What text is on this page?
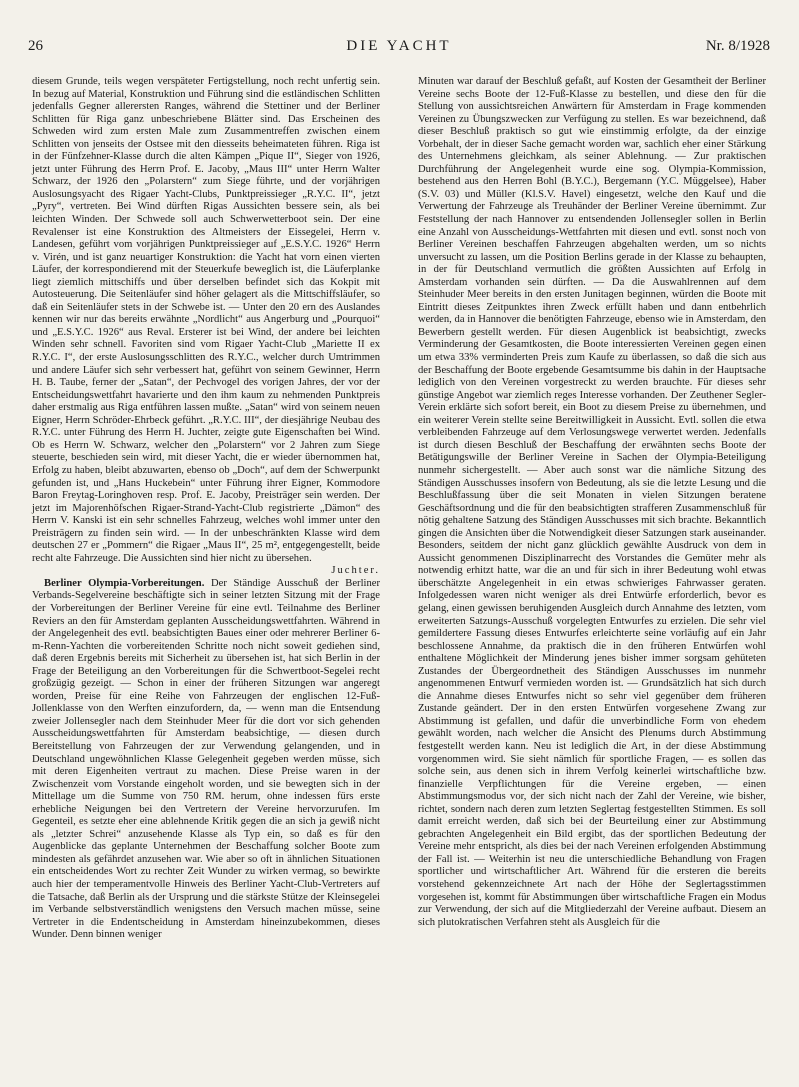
26	DIE YACHT	Nr. 8/1928

diesem Grunde, teils wegen verspäteter Fertigstellung, noch recht unfertig sein. In bezug auf Material, Konstruktion und Führung sind die estländischen Schlitten jedenfalls Gegner allerersten Ranges, während die Stettiner und der Berliner Schlitten für Riga ganz unbeschriebene Blätter sind. Das Erscheinen des Schweden wird zum ersten Male zum Zusammentreffen zwischen einem Schlitten von jenseits der Ostsee mit den diesseits beheimateten führen. Riga ist in der Fünfzehner-Klasse durch die alten Kämpen „Pique II“, Sieger von 1926, jetzt unter Führung des Herrn Prof. E. Jacoby, „Maus III“ unter Herrn Walter Schwarz, der 1926 den „Polarstern“ zum Siege führte, und der vorjährigen Auslosungsyacht des Rigaer Yacht-Clubs, Punktpreissieger „R.Y.C. II“, jetzt „Pyry“, vertreten. Bei Wind dürften Rigas Aussichten bessere sein, als bei leichten Winden. Der Schwede soll auch Schwerwetterboot sein. Der eine Revalenser ist eine Konstruktion des Altmeisters der Eissegelei, Herrn v. Landesen, geführt vom vorjährigen Punktpreissieger auf „E.S.Y.C. 1926“ Herrn v. Virén, und ist ganz neuartiger Konstruktion: die Yacht hat vorn einen vierten Läufer, der korrespondierend mit der Steuerkufe beweglich ist, die Läuferplanke liegt ziemlich mittschiffs und über derselben befindet sich das Kokpit mit Autosteuerung. Die Seitenläufer sind höher gelagert als die Mittschiffsläufer, so daß ein Seitenläufer stets in der Schwebe ist. — Unter den 20 ern des Auslandes kennen wir nur das bereits erwähnte „Nordlicht“ aus Angerburg und „Pourquoi“ und „E.S.Y.C. 1926“ aus Reval. Ersterer ist bei Wind, der andere bei leichten Winden sehr schnell. Favoriten sind vom Rigaer Yacht-Club „Mariette II ex R.Y.C. I“, der erste Auslosungsschlitten des R.Y.C., welcher durch Umtrimmen und andere Läufer sich sehr verbessert hat, geführt von seinem Gewinner, Herrn H. B. Taube, ferner der „Satan“, der Pechvogel des vorigen Jahres, der vor der Entscheidungswettfahrt havarierte und den ihm kaum zu nehmenden Punktpreis daher erstmalig aus Riga entführen lassen mußte. „Satan“ wird von seinem neuen Eigner, Herrn Schröder-Ehrbeck geführt. „R.Y.C. III“, der diesjährige Neubau des R.Y.C. unter Führung des Herrn H. Juchter, zeigte gute Eigenschaften bei Wind. Ob es Herrn W. Schwarz, welcher den „Polarstern“ vor 2 Jahren zum Siege steuerte, beschieden sein wird, mit dieser Yacht, die er wieder übernommen hat, Erfolg zu haben, bleibt abzuwarten, ebenso ob „Doch“, auf dem der Schwerpunkt gefunden ist, und „Hans Huckebein“ unter Führung ihrer Eigner, Kommodore Baron Freytag-Loringhoven resp. Prof. E. Jacoby, Preisträger sein werden. Der jetzt im Majorenhöfschen Rigaer-Strand-Yacht-Club registrierte „Dämon“ des Herrn V. Kanski ist ein sehr schnelles Fahrzeug, welches wohl immer unter den Preisträgern zu finden sein wird. — In der unbeschränkten Klasse wird dem deutschen 27 er „Pommern“ die Rigaer „Maus II“, 25 m², entgegengestellt, beide recht alte Fahrzeuge. Die Aussichten sind hier nicht zu übersehen.
Juchter.

Berliner Olympia-Vorbereitungen. Der Ständige Ausschuß der Berliner Verbands-Segelvereine beschäftigte sich in seiner letzten Sitzung mit der Frage der Vorbereitungen der Berliner Vereine für eine evtl. Teilnahme des Berliner Reviers an den für Amsterdam geplanten Ausscheidungswettfahrten. Während in der Angelegenheit des evtl. beabsichtigten Baues einer oder mehrerer Berliner 6-m-Renn-Yachten die vorbereitenden Schritte noch nicht soweit gediehen sind, daß deren Ergebnis bereits mit Sicherheit zu übersehen ist, hat sich Berlin in der Frage der Beteiligung an den Vorbereitungen für die Schwertboot-Segelei recht großzügig gezeigt. — Schon in einer der früheren Sitzungen war angeregt worden, Preise für eine Reihe von Fahrzeugen der englischen 12-Fuß-Jollenklasse von den Werften einzufordern, da, — wenn man die Entsendung zweier Jollensegler nach dem Steinhuder Meer für die dort vor sich gehenden Ausscheidungswettfahrten für Amsterdam beabsichtige, — diesen durch Bereitstellung von Fahrzeugen der zur Verwendung gelangenden, und in Deutschland ungewöhnlichen Klasse Gelegenheit gegeben werden müsse, sich mit deren Eigenheiten vertraut zu machen. Diese Preise waren in der Zwischenzeit vom Vorstande eingeholt worden, und sie bewegten sich in der Mittellage um die Summe von 750 RM. herum, ohne indessen fürs erste erhebliche Neigungen bei den Vertretern der Vereine hervorzurufen. Im Gegenteil, es setzte eher eine ablehnende Kritik gegen die an sich ja gewiß nicht als „letzter Schrei“ anzusehende Klasse als Typ ein, so daß es für den Augenblicke das geplante Unternehmen der Beschaffung solcher Boote zum mindesten als gefährdet anzusehen war. Wie aber so oft in ähnlichen Situationen ein entscheidendes Wort zu rechter Zeit Wunder zu wirken vermag, so bewirkte auch hier der temperamentvolle Hinweis des Berliner Yacht-Club-Vertreters auf die Tatsache, daß Berlin als der Ursprung und die stärkste Stütze der Kleinsegelei im Verbande selbstverständlich wenigstens den Versuch machen müsse, seine Vertreter in die Endentscheidung in Amsterdam hineinzubekommen, dieses Wunder. Denn binnen weniger

Minuten war darauf der Beschluß gefaßt, auf Kosten der Gesamtheit der Berliner Vereine sechs Boote der 12-Fuß-Klasse zu bestellen, und diese den für die Stellung von aussichtsreichen Anwärtern für Amsterdam in Frage kommenden Vereinen zu Übungszwecken zur Verfügung zu stellen. Es war bezeichnend, daß dieser Beschluß praktisch so gut wie einstimmig erfolgte, da der einzige Vorbehalt, der in dieser Sache gemacht worden war, sachlich eher einer Stärkung des Unternehmens gleichkam, als seiner Ablehnung. — Zur praktischen Durchführung der Angelegenheit wurde eine sog. Olympia-Kommission, bestehend aus den Herren Bohl (B.Y.C.), Bergemann (Y.C. Müggelsee), Haber (S.V. 03) und Müller (Kl.S.V. Havel) eingesetzt, welche den Kauf und die Verwertung der Fahrzeuge als Treuhänder der Berliner Vereine übernimmt. Zur Feststellung der nach Hannover zu entsendenden Jollensegler sollen in Berlin eine Anzahl von Ausscheidungs-Wettfahrten mit diesen und evtl. sonst noch von Berliner Vereinen beschaffen Fahrzeugen abgehalten werden, um so nichts unversucht zu lassen, um die Position Berlins gerade in der Klasse zu behaupten, in der für Deutschland vermutlich die größten Aussichten auf Erfolg in Amsterdam vorhanden sein dürften. — Da die Auswahlrennen auf dem Steinhuder Meer bereits in den ersten Junitagen beginnen, würden die Boote mit Eintritt dieses Zeitpunktes ihren Zweck erfüllt haben und dann entbehrlich werden, da in Hannover die benötigten Fahrzeuge, ebenso wie in Amsterdam, den Bewerbern gestellt werden. Für diesen Augenblick ist beabsichtigt, zwecks Verminderung der Gesamtkosten, die Boote interessierten Vereinen gegen einen um etwa 33% verminderten Preis zum Kaufe zu überlassen, so daß die sich aus der Beschaffung der Boote ergebende Gesamtsumme bis dahin in der Hauptsache lediglich von den Vereinen vorgestreckt zu werden brauchte. Für dieses sehr günstige Angebot war ziemlich reges Interesse vorhanden. Der Zeuthener Segler-Verein erklärte sich sofort bereit, ein Boot zu diesem Preise zu übernehmen, und ein weiterer Verein stellte seine Bereitwilligkeit in Aussicht. Evtl. sollen die etwa verbleibenden Fahrzeuge auf dem Verlosungswege verwertet werden. Jedenfalls ist durch diesen Beschluß der Beschaffung der erwähnten sechs Boote der Betätigungswille der Berliner Vereine in Sachen der Olympia-Beteiligung nunmehr sichergestellt. — Aber auch sonst war die nämliche Sitzung des Ständigen Ausschusses insofern von Bedeutung, als sie die letzte Lesung und die Beschlußfassung über die seit Monaten in vielen Sitzungen beratene Geschäftsordnung und die für den beabsichtigten strafferen Zusammenschluß für nötig gehaltene Satzung des Ständigen Ausschusses mit sich brachte. Bekanntlich gingen die Ansichten über die Notwendigkeit dieser Satzungen stark auseinander. Besonders, seitdem der nicht ganz glücklich gewählte Ausdruck von dem in Aussicht genommenen Disziplinarrecht des Vorstandes die Gemüter mehr als notwendig erhitzt hatte, war die an und für sich in ihrer Bedeutung wohl etwas überschätzte Angelegenheit in ein etwas schwieriges Fahrwasser geraten. Infolgedessen waren nicht weniger als drei Entwürfe erforderlich, bevor es gelang, einen gewissen beruhigenden Ausgleich durch Annahme des letzten, vom erweiterten Satzungs-Ausschuß vorgelegten Entwurfes zu erzielen. Die sehr viel gemildertere Fassung dieses Entwurfes erleichterte seine vorläufig auf ein Jahr beschlossene Annahme, da praktisch die in den früheren Entwürfen wohl enthaltene Möglichkeit der Minderung jenes bisher immer sorgsam gehüteten Zustandes der Übergeordnetheit des Ständigen Ausschusses im nunmehr angenommenen Entwurf vermieden worden ist. — Grundsätzlich hat sich durch die Annahme dieses Entwurfes nicht so sehr viel gegenüber dem früheren Zustande geändert. Der in den ersten Entwürfen vorgesehene Zwang zur Abstimmung ist gefallen, und dafür die unverbindliche Form von ehedem gewählt worden, nach welcher die Ansicht des Plenums durch Abstimmung festgestellt werden kann. Neu ist lediglich die Art, in der diese Abstimmung vorgenommen wird. Sie sieht nämlich für sportliche Fragen, — es sollen das solche sein, aus denen sich in ihrem Verfolg keinerlei wirtschaftliche bzw. finanzielle Verpflichtungen für die Vereine ergeben, — einen Abstimmungsmodus vor, der sich nicht nach der Zahl der Vereine, wie bisher, richtet, sondern nach deren zum letzten Seglertag festgestellten Stimmen. Es soll damit erreicht werden, daß sich bei der Beurteilung einer zur Abstimmung gebrachten Angelegenheit ein Bild ergibt, das der sportlichen Bedeutung der Vereine mehr entspricht, als dies bei der nach Vereinen erfolgenden Abstimmung der Fall ist. — Weiterhin ist neu die unterschiedliche Behandlung von Fragen sportlicher und wirtschaftlicher Art. Während für die ersteren die bereits vorstehend gekennzeichnete Art nach der Höhe der Seglertagsstimmen vorgesehen ist, kommt für Abstimmungen über wirtschaftliche Fragen ein Modus zur Verwendung, der sich auf die Mitgliederzahl der Vereine aufbaut. Diesem an sich plutokratischen Verfahren steht als Ausgleich für die
